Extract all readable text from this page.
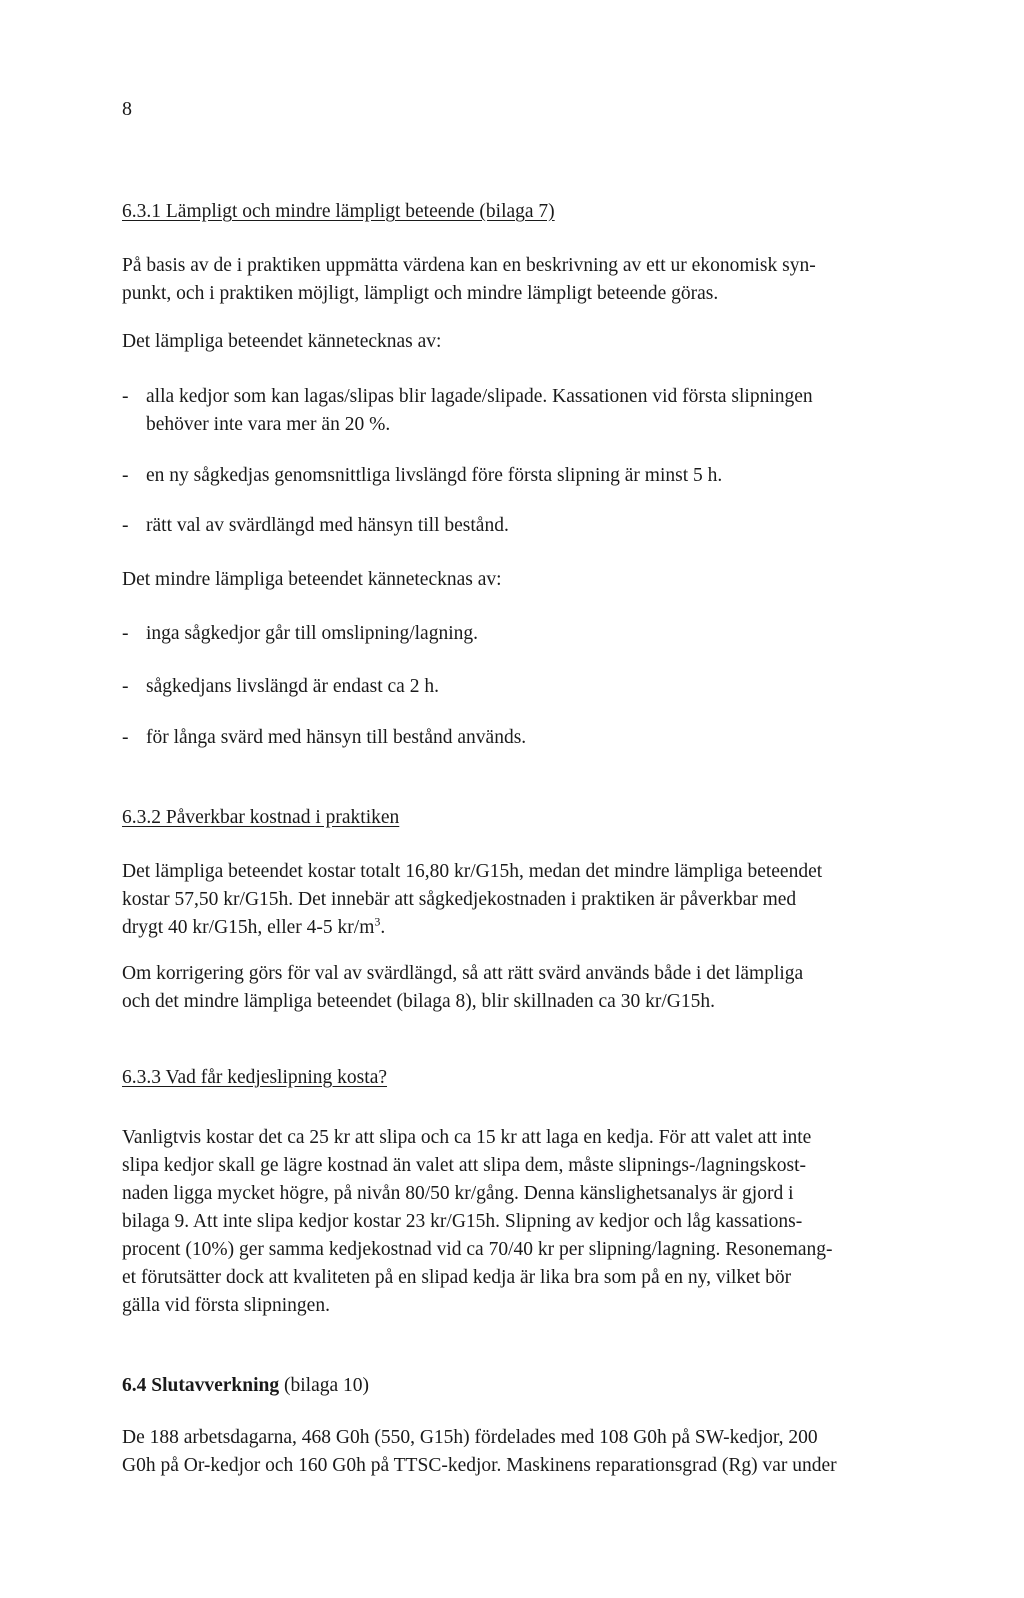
8
6.3.1 Lämpligt och mindre lämpligt beteende (bilaga 7)
På basis av de i praktiken uppmätta värdena kan en beskrivning av ett ur ekonomisk syn-
punkt, och i praktiken möjligt, lämpligt och mindre lämpligt beteende göras.
Det lämpliga beteendet kännetecknas av:
- alla kedjor som kan lagas/slipas blir lagade/slipade. Kassationen vid första slipningen
behöver inte vara mer än 20 %.
- en ny sågkedjas genomsnittliga livslängd före första slipning är minst 5 h.
- rätt val av svärdlängd med hänsyn till bestånd.
Det mindre lämpliga beteendet kännetecknas av:
- inga sågkedjor går till omslipning/lagning.
- sågkedjans livslängd är endast ca 2 h.
- för långa svärd med hänsyn till bestånd används.
6.3.2 Påverkbar kostnad i praktiken
Det lämpliga beteendet kostar totalt 16,80 kr/G15h, medan det mindre lämpliga beteendet
kostar 57,50 kr/G15h. Det innebär att sågkedjekostnaden i praktiken är påverkbar med
drygt 40 kr/G15h, eller 4-5 $kr/m^3$.
Om korrigering görs för val av svärdlängd, så att rätt svärd används både i det lämpliga
och det mindre lämpliga beteendet (bilaga 8), blir skillnaden ca 30 kr/G15h.
6.3.3 Vad får kedjeslipning kosta?
Vanligtvis kostar det ca 25 kr att slipa och ca 15 kr att laga en kedja. För att valet att inte
slipa kedjor skall ge lägre kostnad än valet att slipa dem, måste slipnings-/lagningskost-
naden ligga mycket högre, på nivån 80/50 kr/gång. Denna känslighetsanalys är gjord i
bilaga 9. Att inte slipa kedjor kostar 23 kr/G15h. Slipning av kedjor och låg kassations-
procent (10%) ger samma kedjekostnad vid ca 70/40 kr per slipning/lagning. Resonemang-
et förutsätter dock att kvaliteten på en slipad kedja är lika bra som på en ny, vilket bör
gälla vid första slipningen.
6.4 Slutavverkning (bilaga 10)
De 188 arbetsdagarna, 468 G0h (550, G15h) fördelades med 108 G0h på SW-kedjor, 200
G0h på Or-kedjor och 160 G0h på TTSC-kedjor. Maskinens reparationsgrad (Rg) var under
